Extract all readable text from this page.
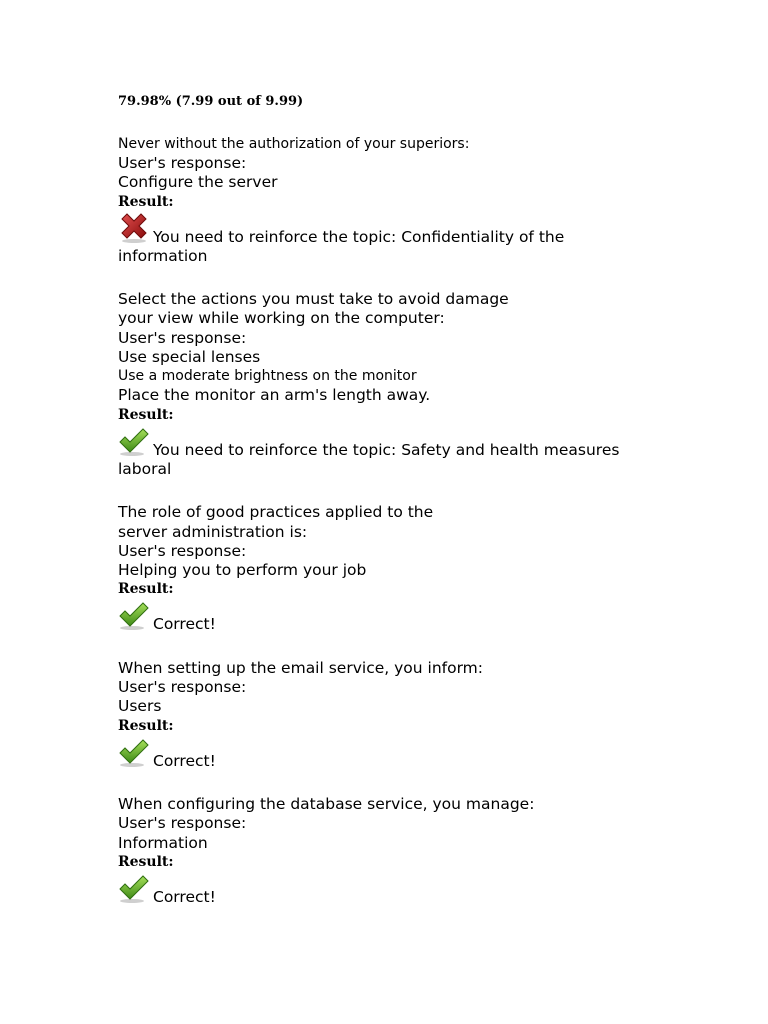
79.98% (7.99 out of 9.99)
Never without the authorization of your superiors:
User's response:
Configure the server
Result:
You need to reinforce the topic: Confidentiality of the
information
Select the actions you must take to avoid damage
your view while working on the computer:
User's response:
Use special lenses
Use a moderate brightness on the monitor
Place the monitor an arm's length away.
Result:
You need to reinforce the topic: Safety and health measures
laboral
The role of good practices applied to the
server administration is:
User's response:
Helping you to perform your job
Result:
Correct!
When setting up the email service, you inform:
User's response:
Users
Result:
Correct!
When configuring the database service, you manage:
User's response:
Information
Result:
Correct!
